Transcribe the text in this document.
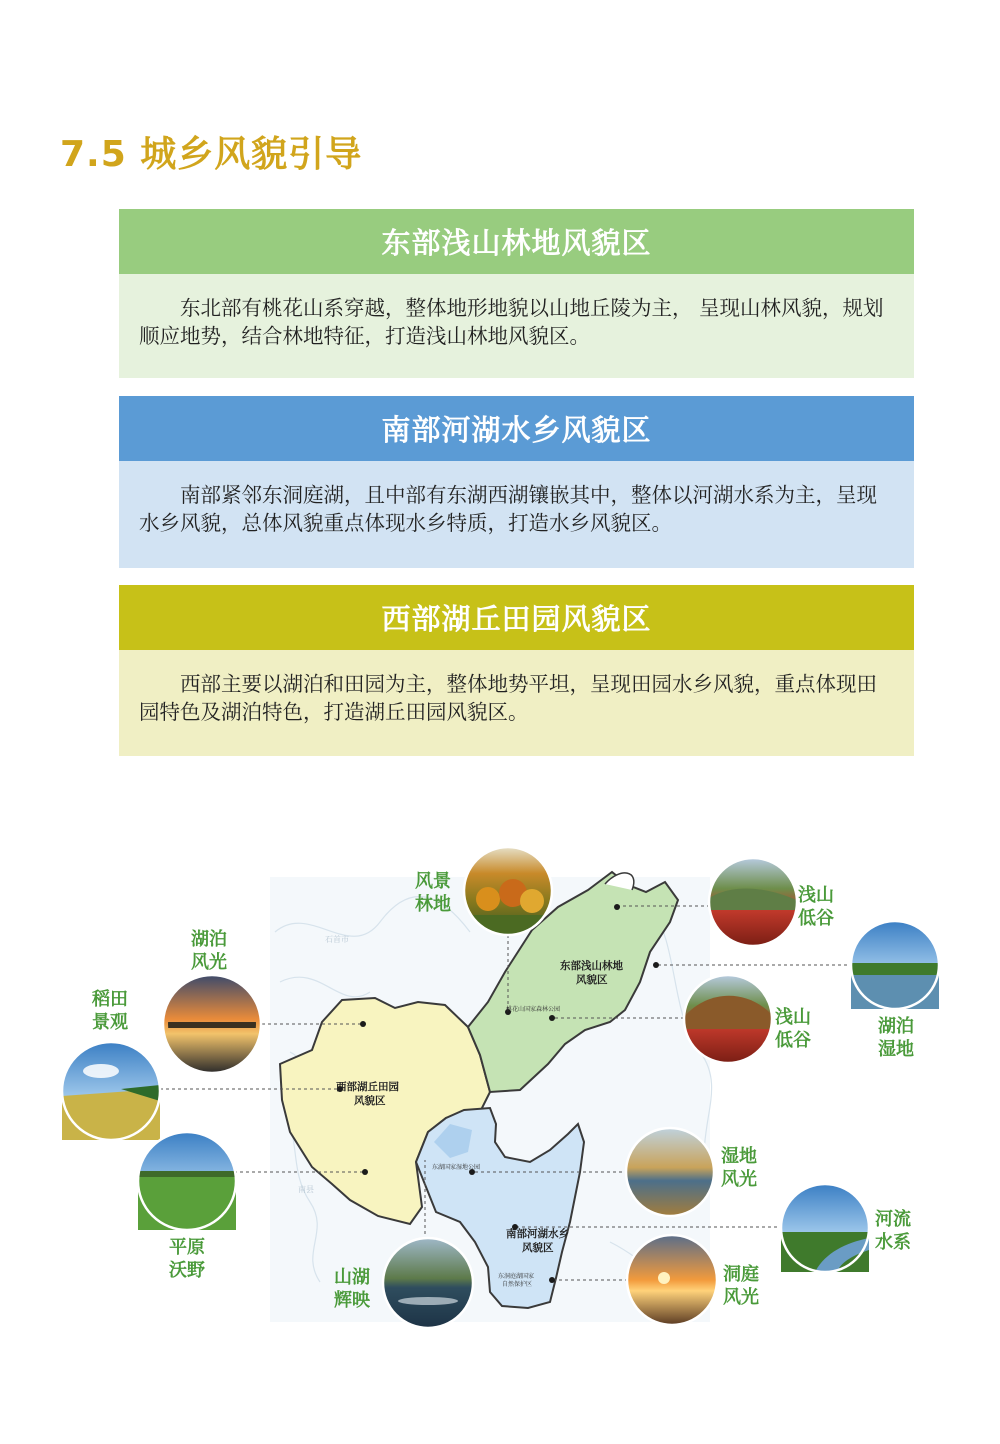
7.5 城乡风貌引导
东部浅山林地风貌区
东北部有桃花山系穿越，整体地形地貌以山地丘陵为主， 呈现山林风貌，规划顺应地势，结合林地特征，打造浅山林地风貌区。
南部河湖水乡风貌区
南部紧邻东洞庭湖，且中部有东湖西湖镶嵌其中，整体以河湖水系为主，呈现水乡风貌，总体风貌重点体现水乡特质，打造水乡风貌区。
西部湖丘田园风貌区
西部主要以湖泊和田园为主，整体地势平坦，呈现田园水乡风貌，重点体现田园特色及湖泊特色，打造湖丘田园风貌区。
石首市
南县
东部浅山林地
风貌区
西部湖丘田园
风貌区
南部河湖水乡
风貌区
桃花山国家森林公园
东湖国家湿地公园
东洞庭湖国家
自然保护区
风景
林地
湖泊
风光
稻田
景观
平原
沃野	山湖
辉映
浅山
低谷
湖泊
湿地
浅山
低谷
湿地
风光
河流
水系
洞庭
风光
